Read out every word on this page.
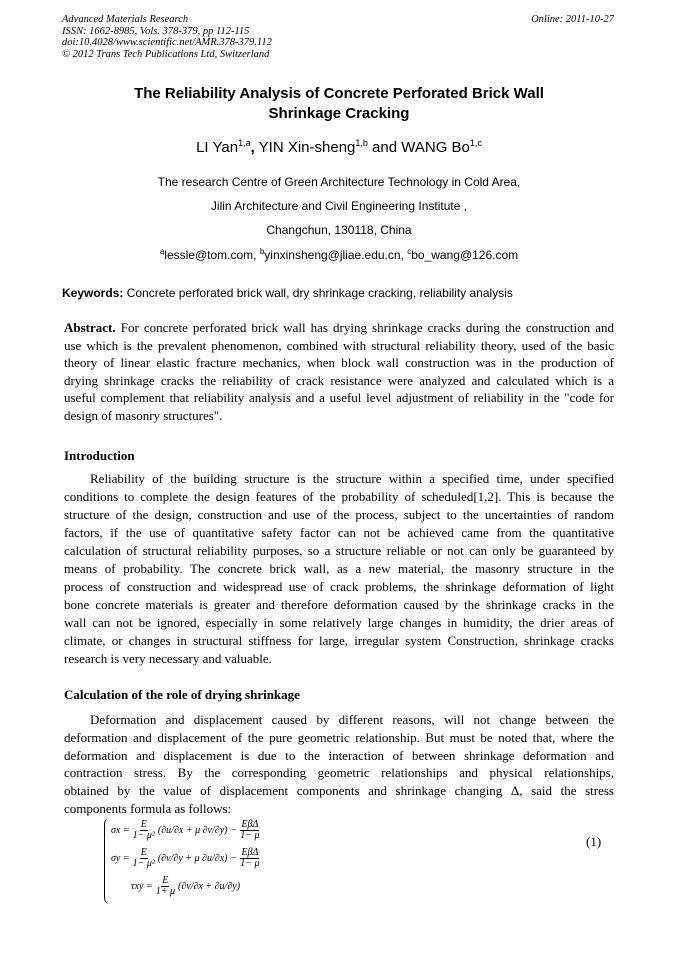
Advanced Materials Research
ISSN: 1662-8985, Vols. 378-379, pp 112-115
doi:10.4028/www.scientific.net/AMR.378-379.112
© 2012 Trans Tech Publications Ltd, Switzerland
Online: 2011-10-27
The Reliability Analysis of Concrete Perforated Brick Wall
Shrinkage Cracking
LI Yan$^{1,a}$, YIN Xin-sheng$^{1,b}$ and WANG Bo$^{1,c}$
The research Centre of Green Architecture Technology in Cold Area,
Jilin Architecture and Civil Engineering Institute ,
Changchun, 130118, China
$^a$lessle@tom.com, $^b$yinxinsheng@jliae.edu.cn, $^c$bo_wang@126.com
Keywords: Concrete perforated brick wall, dry shrinkage cracking, reliability analysis
Abstract. For concrete perforated brick wall has drying shrinkage cracks during the construction and
use which is the prevalent phenomenon, combined with structural reliability theory, used of the basic
theory of linear elastic fracture mechanics, when block wall construction was in the production of
drying shrinkage cracks the reliability of crack resistance were analyzed and calculated which is a
useful complement that reliability analysis and a useful level adjustment of reliability in the "code for
design of masonry structures".
Introduction
Reliability of the building structure is the structure within a specified time, under specified
conditions to complete the design features of the probability of scheduled[1,2]. This is because the
structure of the design, construction and use of the process, subject to the uncertainties of random
factors, if the use of quantitative safety factor can not be achieved came from the quantitative
calculation of structural reliability purposes, so a structure reliable or not can only be guaranteed by
means of probability. The concrete brick wall, as a new material, the masonry structure in the
process of construction and widespread use of crack problems, the shrinkage deformation of light
bone concrete materials is greater and therefore deformation caused by the shrinkage cracks in the
wall can not be ignored, especially in some relatively large changes in humidity, the drier areas of
climate, or changes in structural stiffness for large, irregular system Construction, shrinkage cracks
research is very necessary and valuable.
Calculation of the role of drying shrinkage
Deformation and displacement caused by different reasons, will not change between the
deformation and displacement of the pure geometric relationship. But must be noted that, where the
deformation and displacement is due to the interaction of between shrinkage deformation and
contraction stress. By the corresponding geometric relationships and physical relationships,
obtained by the value of displacement components and shrinkage changing Δ, said the stress
components formula as follows:
$\sigma x = \frac{E}{\text{1− μ²}} (\partial u/\partial x + \mu$ ∂v/∂y) −
EβΔ
1− μ
$\sigma y = \frac{E}{\text{1− μ²}} (\partial v/\partial y + \mu$ ∂u/∂x) −
EβΔ
1− μ
$\tau xy = \frac{E}{1+ \mu} (\partial v/\partial x + \partial u/\partial y)$
(1)
